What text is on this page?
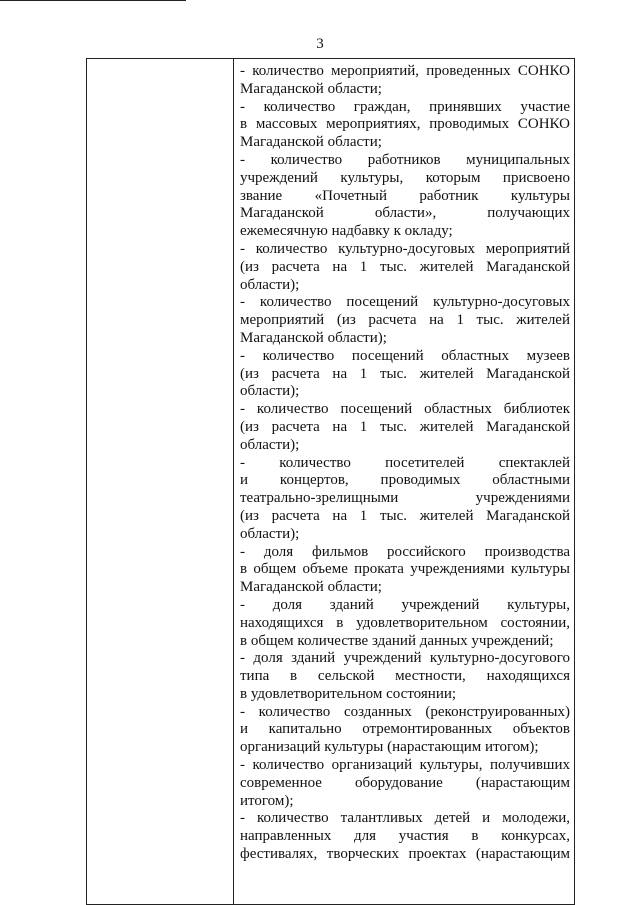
3

- количество мероприятий, проведенных СОНКО
Магаданской области;
- количество граждан, принявших участие
в массовых мероприятиях, проводимых СОНКО
Магаданской области;
- количество работников муниципальных
учреждений культуры, которым присвоено
звание «Почетный работник культуры
Магаданской области», получающих
ежемесячную надбавку к окладу;
- количество культурно-досуговых мероприятий
(из расчета на 1 тыс. жителей Магаданской
области);
- количество посещений культурно-досуговых
мероприятий (из расчета на 1 тыс. жителей
Магаданской области);
- количество посещений областных музеев
(из расчета на 1 тыс. жителей Магаданской
области);
- количество посещений областных библиотек
(из расчета на 1 тыс. жителей Магаданской
области);
- количество посетителей спектаклей
и концертов, проводимых областными
театрально-зрелищными учреждениями
(из расчета на 1 тыс. жителей Магаданской
области);
- доля фильмов российского производства
в общем объеме проката учреждениями культуры
Магаданской области;
- доля зданий учреждений культуры,
находящихся в удовлетворительном состоянии,
в общем количестве зданий данных учреждений;
- доля зданий учреждений культурно-досугового
типа в сельской местности, находящихся
в удовлетворительном состоянии;
- количество созданных (реконструированных)
и капитально отремонтированных объектов
организаций культуры (нарастающим итогом);
- количество организаций культуры, получивших
современное оборудование (нарастающим
итогом);
- количество талантливых детей и молодежи,
направленных для участия в конкурсах,
фестивалях, творческих проектах (нарастающим
